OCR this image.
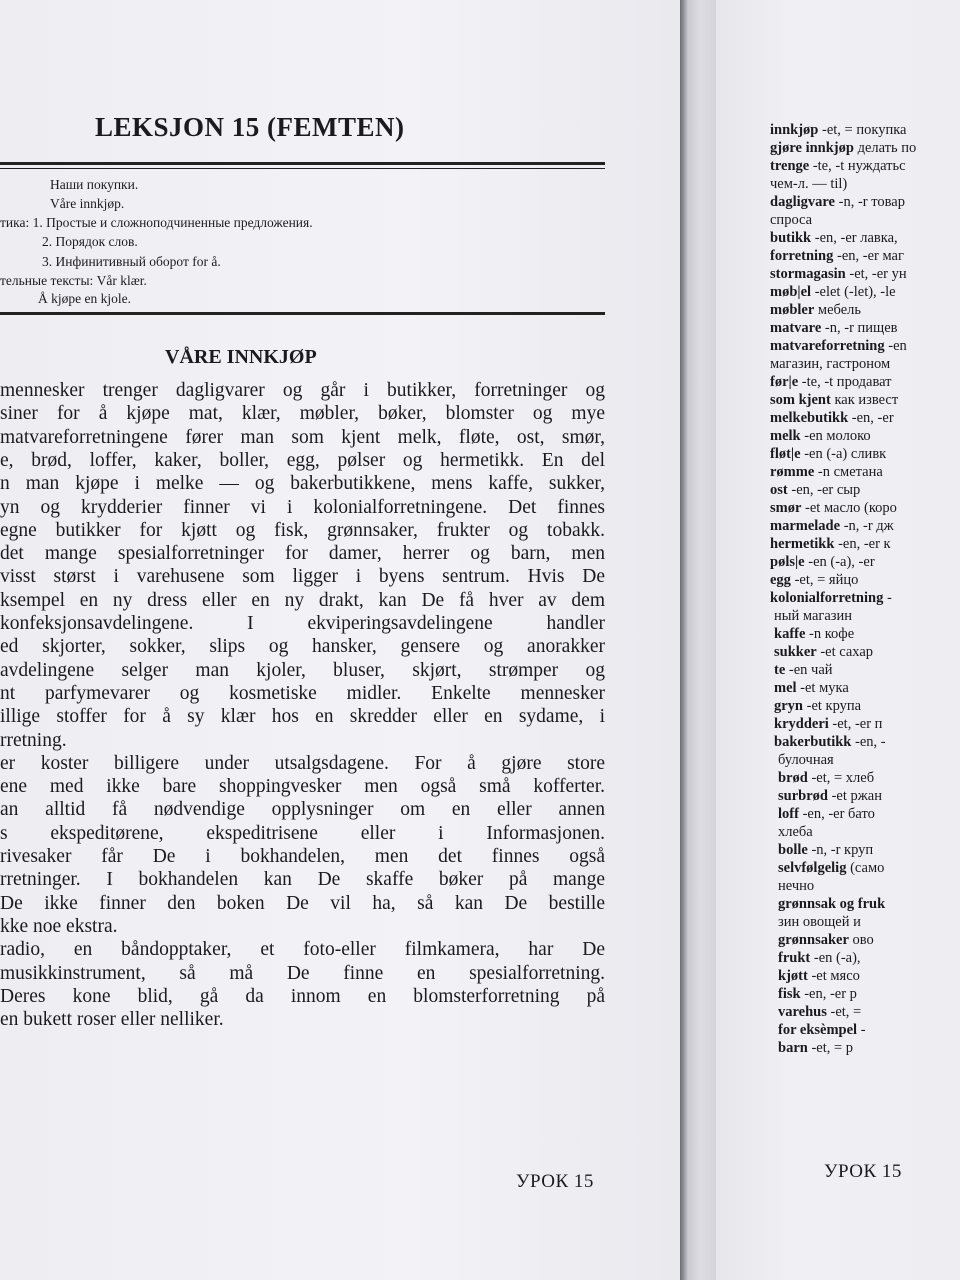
LEKSJON 15 (FEMTEN)
Наши покупки.
Våre innkjøp.
тика: 1. Простые и сложноподчиненные предложения.
2. Порядок слов.
3. Инфинитивный оборот for å.
тельные тексты: Vår klær.
Å kjøpe en kjole.
VÅRE INNKJØP
mennesker trenger dagligvarer og går i butikker, forretninger og
siner for å kjøpe mat, klær, møbler, bøker, blomster og mye
matvareforretningene fører man som kjent melk, fløte, ost, smør,
e, brød, loffer, kaker, boller, egg, pølser og hermetikk. En del
n man kjøpe i melke — og bakerbutikkene, mens kaffe, sukker,
yn og krydderier finner vi i kolonialforretningene. Det finnes
egne butikker for kjøtt og fisk, grønnsaker, frukter og tobakk.
det mange spesialforretninger for damer, herrer og barn, men
visst størst i varehusene som ligger i byens sentrum. Hvis De
ksempel en ny dress eller en ny drakt, kan De få hver av dem
konfeksjonsavdelingene. I ekviperingsavdelingene handler
ed skjorter, sokker, slips og hansker, gensere og anorakker
avdelingene selger man kjoler, bluser, skjørt, strømper og
nt parfymevarer og kosmetiske midler. Enkelte mennesker
illige stoffer for å sy klær hos en skredder eller en sydame, i
rretning.
er koster billigere under utsalgsdagene. For å gjøre store
ene med ikke bare shoppingvesker men også små kofferter.
an alltid få nødvendige opplysninger om en eller annen
s ekspeditørene, ekspeditrisene eller i Informasjonen.
rivesaker får De i bokhandelen, men det finnes også
rretninger. I bokhandelen kan De skaffe bøker på mange
De ikke finner den boken De vil ha, så kan De bestille
kke noe ekstra.
radio, en båndopptaker, et foto-eller filmkamera, har De
musikkinstrument, så må De finne en spesialforretning.
Deres kone blid, gå da innom en blomsterforretning på
en bukett roser eller nelliker.
УРОК 15
innkjøp -et, = покупка
gjøre innkjøp делать по
trenge -te, -t нуждатьс
чем-л. — til)
dagligvare -n, -r товар
спроса
butikk -en, -er лавка,
forretning -en, -er маг
stormagasin -et, -er ун
møb|el -elet (-let), -le
møbler мебель
matvare -n, -r пищев
matvareforretning -en
магазин, гастроном
før|e -te, -t продават
som kjent как извест
melkebutikk -en, -er
melk -en молоко
fløt|e -en (-a) сливк
rømme -n сметана
ost -en, -er сыр
smør -et масло (коро
marmelade -n, -r дж
hermetikk -en, -er к
pøls|e -en (-a), -er
egg -et, = яйцо
kolonialforretning -
ный магазин
kaffe -n кофе
sukker -et сахар
te -en чай
mel -et мука
gryn -et крупа
krydderi -et, -er п
bakerbutikk -en, -
булочная
brød -et, = хлеб
surbrød -et ржан
loff -en, -er бато
хлеба
bolle -n, -r круп
selvfølgelig (само
нечно
grønnsak og fruk
зин овощей и
grønnsaker ово
frukt -en (-a),
kjøtt -et мясо
fisk -en, -er р
varehus -et, =
for eksèmpel -
barn -et, = р
УРОК 15
